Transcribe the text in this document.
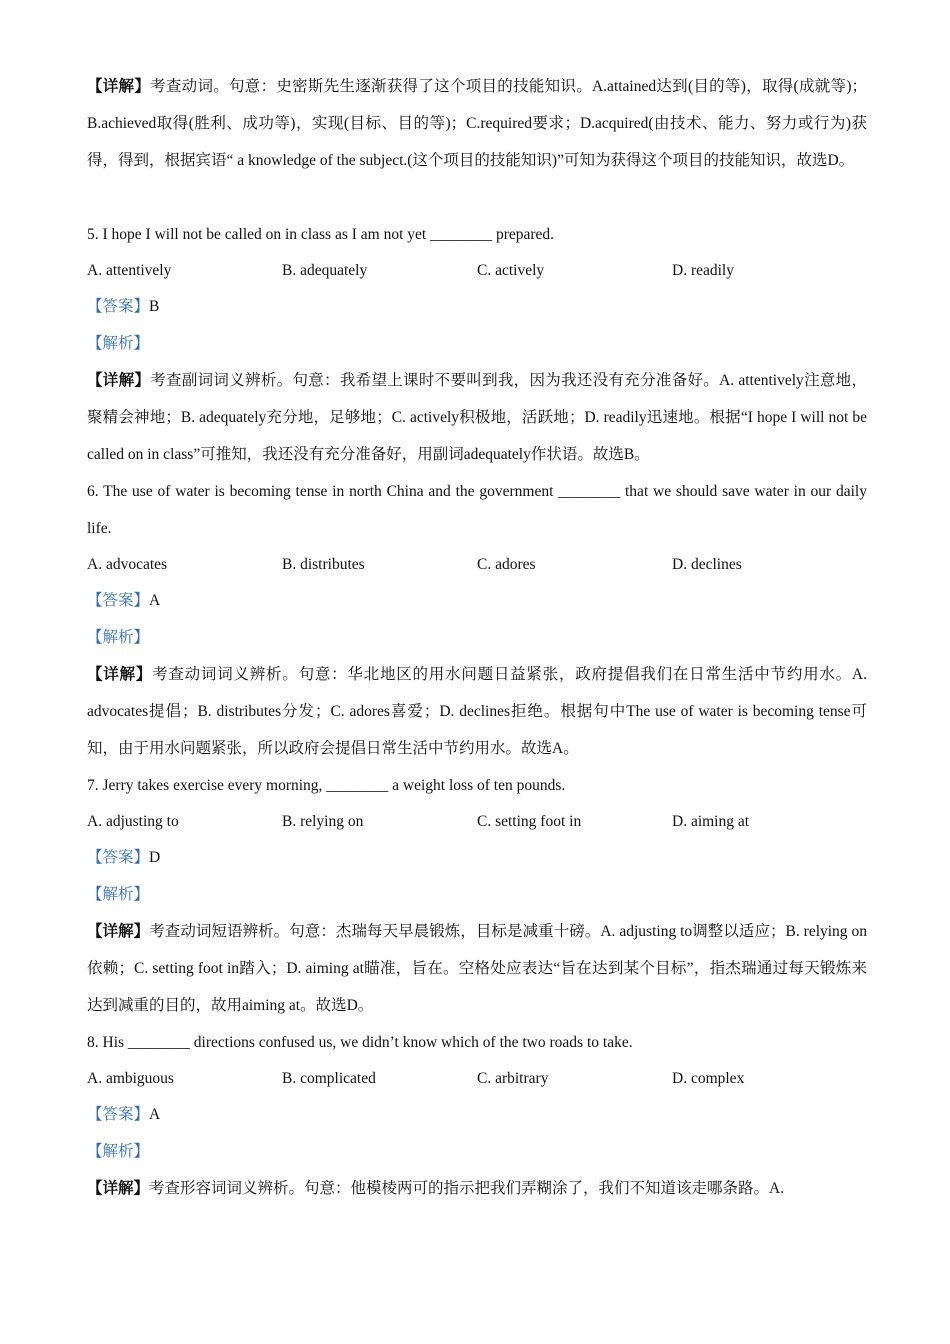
【详解】考查动词。句意：史密斯先生逐渐获得了这个项目的技能知识。A.attained达到(目的等)，取得(成就等)；B.achieved取得(胜利、成功等)，实现(目标、目的等)；C.required要求；D.acquired(由技术、能力、努力或行为)获得，得到，根据宾语“ a knowledge of the subject.(这个项目的技能知识)”可知为获得这个项目的技能知识，故选D。
5. I hope I will not be called on in class as I am not yet ________ prepared.
A. attentively	B. adequately	C. actively	D. readily
【答案】B
【解析】
【详解】考查副词词义辨析。句意：我希望上课时不要叫到我，因为我还没有充分准备好。A. attentively注意地，聚精会神地；B. adequately充分地，足够地；C. actively积极地，活跃地；D. readily迅速地。根据“I hope I will not be called on in class”可推知，我还没有充分准备好，用副词adequately作状语。故选B。
6. The use of water is becoming tense in north China and the government ________ that we should save water in our daily life.
A. advocates	B. distributes	C. adores	D. declines
【答案】A
【解析】
【详解】考查动词词义辨析。句意：华北地区的用水问题日益紧张，政府提倡我们在日常生活中节约用水。A. advocates提倡；B. distributes分发；C. adores喜爱；D. declines拒绝。根据句中The use of water is becoming tense可知，由于用水问题紧张，所以政府会提倡日常生活中节约用水。故选A。
7. Jerry takes exercise every morning, ________ a weight loss of ten pounds.
A. adjusting to	B. relying on	C. setting foot in	D. aiming at
【答案】D
【解析】
【详解】考查动词短语辨析。句意：杰瑞每天早晨锻炼，目标是减重十磅。A. adjusting to调整以适应；B. relying on依赖；C. setting foot in踏入；D. aiming at瞄准，旨在。空格处应表达“旨在达到某个目标”，指杰瑞通过每天锻炼来达到减重的目的，故用aiming at。故选D。
8. His ________ directions confused us, we didn’t know which of the two roads to take.
A. ambiguous	B. complicated	C. arbitrary	D. complex
【答案】A
【解析】
【详解】考查形容词词义辨析。句意：他模棱两可的指示把我们弄糊涂了，我们不知道该走哪条路。A.
